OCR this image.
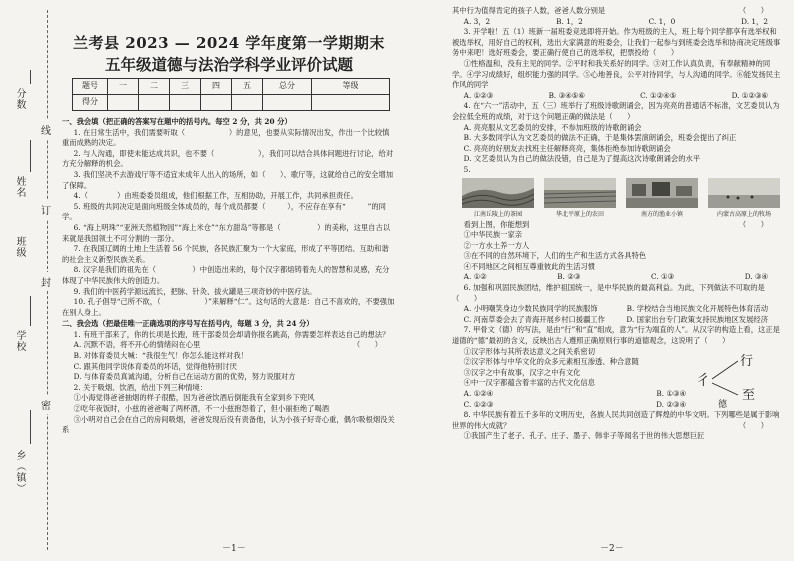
分数
线
姓名
订
班级
封
学校
密
乡（镇）
兰考县 2023 — 2024 学年度第一学期期末
五年级道德与法治学科学业评价试题
题号	一	二	三	四	五	总分	等级
得分							

一、我会填（把正确的答案写在题中的括号内。每空 2 分，共 20 分）

1. 在日常生活中，我们需要听取（　　　　　　）的意见，也要从实际情况出发，作出一个比较慎重而成熟的决定。

2. 与人沟通，即使未能达成共识，也不要（　　　　　　），我们可以结合具体问题进行讨论，给对方充分解释的机会。

3. 我们坚决不去游戏厅等不适宜未成年人出入的场所，如（　　）、歌厅等，这就给自己的安全增加了保障。

4.（　　　　）由班委委员组成，他们根据工作，互相协助，开展工作，共同承担责任。

5. 班级的共同决定是面向班级全体成员的，每个成员都要（　　　），不应存在享有“　　　”的同学。

6. “海上明珠”“亚洲天然植物园”“海上米仓”“东方甜岛”等都是（　　　　　）的美称，这里自古以来就是我国领土不可分割的一部分。

7. 在我国辽阔的土地上生活着 56 个民族，各民族汇聚为一个大家庭，形成了平等团结、互助和谐的社会主义新型民族关系。

8. 汉字是我们的祖先在（　　　　　）中创造出来的，每个汉字都熔铸着先人的智慧和灵感，充分体现了中华民族伟大的创造力。

9. 我们的中医药学源远流长，把脉、针灸、拔火罐是三项奇妙的中医疗法。

10. 孔子倡导“己所不欲，（　　　　　　）”来解释“仁”。这句话的大意是：自己不喜欢的，不要强加在别人身上。

二、我会选（把最佳唯一正确选项的序号写在括号内，每题 3 分，共 24 分）

1. 有班干部来了，你的长项是长跑，班干部委员会却请你报名跳高，你需要怎样表达自己的想法？
（　　）

A. 沉默不语，将不开心的情绪闷在心里

B. 对体育委员大喊：“我很生气！你怎么能这样对我！

C. 跟其他同学说体育委员的坏话，觉得他特别讨厌

D. 与体育委员真诚沟通，分析自己在运动方面的优势，努力说服对方

2. 关于吸烟、饮酒，给出下列三种情境：

①小海觉得爸爸抽烟的样子很酷，因为爸爸饮酒后倒能我有全家到乡下兜风

②吃年夜饭时，小兹的爸爸喝了两杯酒，不一小兹抱怨着了，但小丽拒绝了喝酒

③小明对自己会在自己的房间吸烟，爸爸发现后没有责备他，认为小孩子好奇心重，偶尔吸根烟没关系

－1－

其中行为值得肯定的孩子人数，爸爸人数分别是	（　　）

A. 3，2	B. 1，2	C. 1，0	D. 1，2

3. 开学啦！五（1）班新一届班委竞选即将开始。作为班级的主人，班上每个同学都享有选举权和被选举权，用好自己的权利，选出大家满意的班委会，让我们一起参与到班委会选举和协商决定班级事务中来吧！选好班委会，要正确行使自己的选举权，把票投给（　　）

①性格温和，没有主见的同学。②平时和我关系好的同学。③对工作认真负责，有奉献精神的同学。④学习成绩好，组织能力强的同学。⑤心地善良，公平对待同学，与人沟通的同学。⑥能发扬民主作风的同学

A. ①②③	B. ③④⑤⑥	C. ①②④⑤	D. ①②③⑥

4. 在“六一”活动中，五（三）班举行了班级诗歌朗诵会，因为亮亮的普通话不标准，文艺委员认为会拉低全班的成绩，对于这个问题正确的做法是（　　）

A. 亮亮服从文艺委员的安排，不参加班级的诗歌朗诵会

B. 大多数同学认为文艺委员的做法不正确，于是集体罢演朗诵会，班委会提出了纠正

C. 亮亮的好朋友去找班主任解释亮亮，集体拒绝参加诗歌朗诵会

D. 文艺委员认为自己的做法没错，自己是为了提高这次诗歌朗诵会的水平

5.

江南丘陵上的茶园	华北平原上的农田	南方的渔业小镇	内蒙古高原上的牧场

看到上图，你能想到	（　　）

①中华民族一家亲

②一方水土养一方人

③在不同的自然环境下，人们的生产和生活方式各具特色

④不同地区之间相互尊重彼此的生活习惯

A. ①②	B. ②③	C. ①③	D. ③④

6. 加强和巩固民族团结，维护祖国统一，是中华民族的最高利益。为此，下列做法不可取的是（　　）

A. 小明嘲笑身边少数民族同学的民族服饰	B. 学校结合当地民族文化开展特色体育活动
C. 河南草委会去了青海开展乡村口援疆工作	D. 国家出台专门政策支持民族地区发展经济

7. 甲骨文（德）的写法，是由“行”和“直”组成，意为“行为端直的人”。从汉字的构造上看，这正是道德的“德”最初的含义，反映出古人遵照正确原则行事的道德观念，这说明了（　　）

⼻
⾏
⾄
德

①汉字形体与其所表达意义之间关系密切

②汉字形体与中华文化的众多元素相互渗透、种合意随

③汉字之中有故事，汉字之中有文化

④中一汉字都蕴含着丰富的古代文化信息

A. ①②④	B. ①③④
C. ①②③	D. ②③④

8. 中华民族有着五千多年的文明历史，各族人民共同创造了辉煌的中华文明。下列哪些是属于影响世界的伟大成就？	（　　）

①我国产生了老子、孔子、庄子、墨子、韩非子等闻名于世的伟大思想巨匠

－2－
